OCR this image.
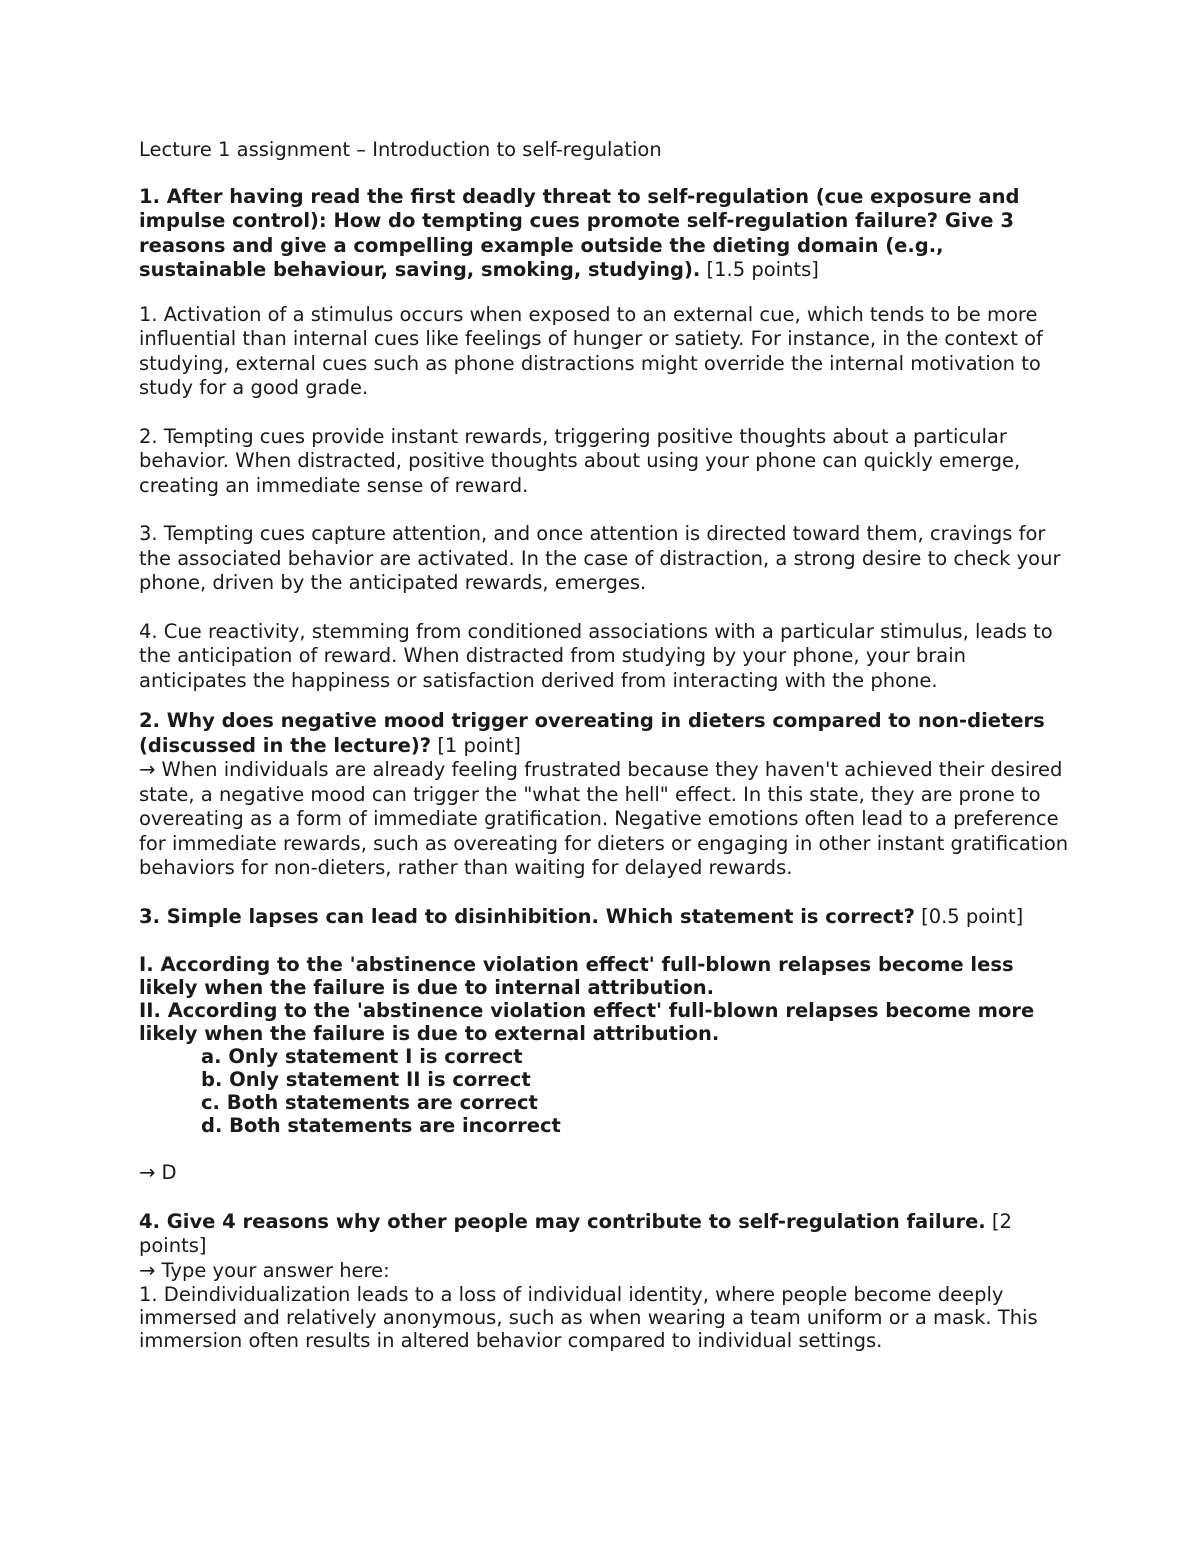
Lecture 1 assignment – Introduction to self-regulation

1. After having read the first deadly threat to self-regulation (cue exposure and impulse control): How do tempting cues promote self-regulation failure? Give 3 reasons and give a compelling example outside the dieting domain (e.g., sustainable behaviour, saving, smoking, studying). [1.5 points]

1. Activation of a stimulus occurs when exposed to an external cue, which tends to be more influential than internal cues like feelings of hunger or satiety. For instance, in the context of studying, external cues such as phone distractions might override the internal motivation to study for a good grade.

2. Tempting cues provide instant rewards, triggering positive thoughts about a particular behavior. When distracted, positive thoughts about using your phone can quickly emerge, creating an immediate sense of reward.

3. Tempting cues capture attention, and once attention is directed toward them, cravings for the associated behavior are activated. In the case of distraction, a strong desire to check your phone, driven by the anticipated rewards, emerges.

4. Cue reactivity, stemming from conditioned associations with a particular stimulus, leads to the anticipation of reward. When distracted from studying by your phone, your brain anticipates the happiness or satisfaction derived from interacting with the phone.

2. Why does negative mood trigger overeating in dieters compared to non-dieters (discussed in the lecture)? [1 point]

→ When individuals are already feeling frustrated because they haven't achieved their desired state, a negative mood can trigger the "what the hell" effect. In this state, they are prone to overeating as a form of immediate gratification. Negative emotions often lead to a preference for immediate rewards, such as overeating for dieters or engaging in other instant gratification behaviors for non-dieters, rather than waiting for delayed rewards.

3. Simple lapses can lead to disinhibition. Which statement is correct? [0.5 point]

I. According to the 'abstinence violation effect' full-blown relapses become less likely when the failure is due to internal attribution.

II. According to the 'abstinence violation effect' full-blown relapses become more likely when the failure is due to external attribution.

a. Only statement I is correct

b. Only statement II is correct

c. Both statements are correct

d. Both statements are incorrect

→ D

4. Give 4 reasons why other people may contribute to self-regulation failure. [2 points]

→ Type your answer here:

1. Deindividualization leads to a loss of individual identity, where people become deeply immersed and relatively anonymous, such as when wearing a team uniform or a mask. This immersion often results in altered behavior compared to individual settings.
